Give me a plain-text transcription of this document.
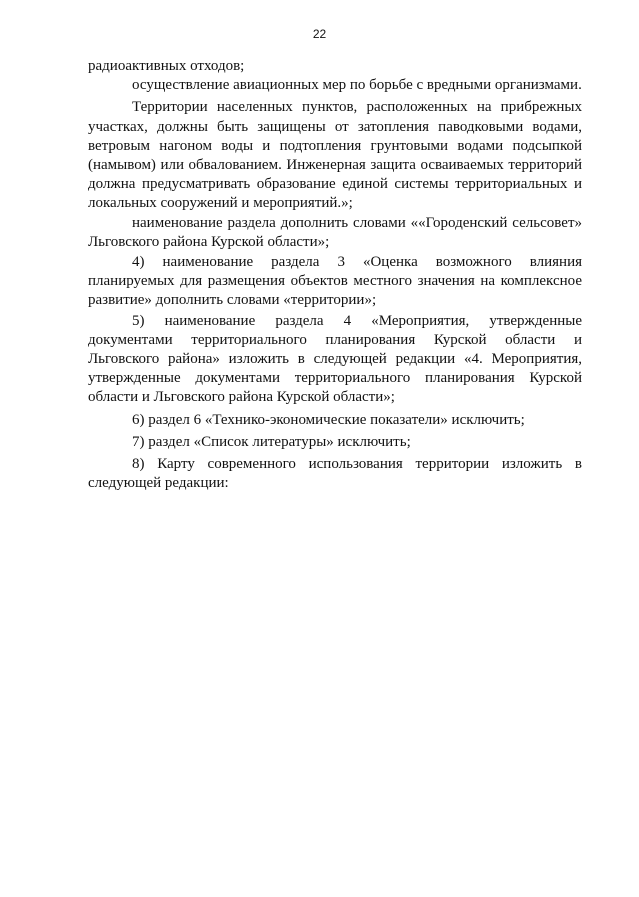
22

радиоактивных отходов;

осуществление авиационных мер по борьбе с вредными организмами.

Территории населенных пунктов, расположенных на прибрежных участках, должны быть защищены от затопления паводковыми водами, ветровым нагоном воды и подтопления грунтовыми водами подсыпкой (намывом) или обвалованием. Инженерная защита осваиваемых территорий должна предусматривать образование единой системы территориальных и локальных сооружений и мероприятий.»;

наименование раздела дополнить словами ««Городенский сельсовет» Льговского района Курской области»;

4) наименование раздела 3 «Оценка возможного влияния планируемых для размещения объектов местного значения на комплексное развитие» дополнить словами «территории»;

5) наименование раздела 4 «Мероприятия, утвержденные документами территориального планирования Курской области и Льговского района» изложить в следующей редакции «4. Мероприятия, утвержденные документами территориального планирования Курской области и Льговского района Курской области»;

6) раздел 6 «Технико-экономические показатели» исключить;

7) раздел «Список литературы» исключить;

8) Карту современного использования территории изложить в следующей редакции:
